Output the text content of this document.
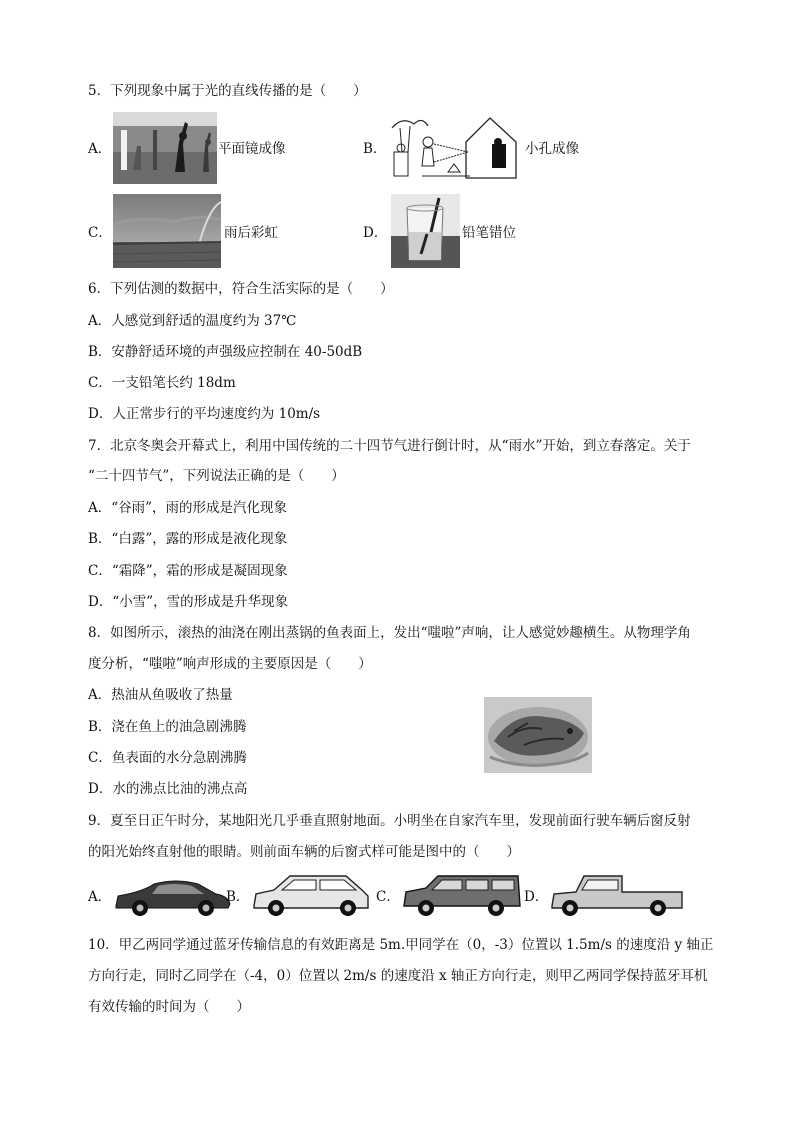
5．下列现象中属于光的直线传播的是（　　）
A．	平面镜成像	B．	小孔成像
C．	雨后彩虹	D．	铅笔错位
6．下列估测的数据中，符合生活实际的是（　　）
A．人感觉到舒适的温度约为 37℃
B．安静舒适环境的声强级应控制在 40-50dB
C．一支铅笔长约 18dm
D．人正常步行的平均速度约为 10m/s
7．北京冬奥会开幕式上，利用中国传统的二十四节气进行倒计时，从“雨水”开始，到立春落定。关于
“二十四节气”，下列说法正确的是（　　）
A．“谷雨”，雨的形成是汽化现象
B．“白露”，露的形成是液化现象
C．“霜降”，霜的形成是凝固现象
D．“小雪”，雪的形成是升华现象
8．如图所示，滚热的油浇在刚出蒸锅的鱼表面上，发出“嗤啦”声响，让人感觉妙趣横生。从物理学角
度分析，“嗤啦”响声形成的主要原因是（　　）
A．热油从鱼吸收了热量
B．浇在鱼上的油急剧沸腾
C．鱼表面的水分急剧沸腾
D．水的沸点比油的沸点高
9．夏至日正午时分，某地阳光几乎垂直照射地面。小明坐在自家汽车里，发现前面行驶车辆后窗反射
的阳光始终直射他的眼睛。则前面车辆的后窗式样可能是图中的（　　）
A．	B．	C．	D．
10．甲乙两同学通过蓝牙传输信息的有效距离是 5m.甲同学在（0，-3）位置以 1.5m/s 的速度沿 y 轴正
方向行走，同时乙同学在（-4，0）位置以 2m/s 的速度沿 x 轴正方向行走，则甲乙两同学保持蓝牙耳机
有效传输的时间为（　　）
